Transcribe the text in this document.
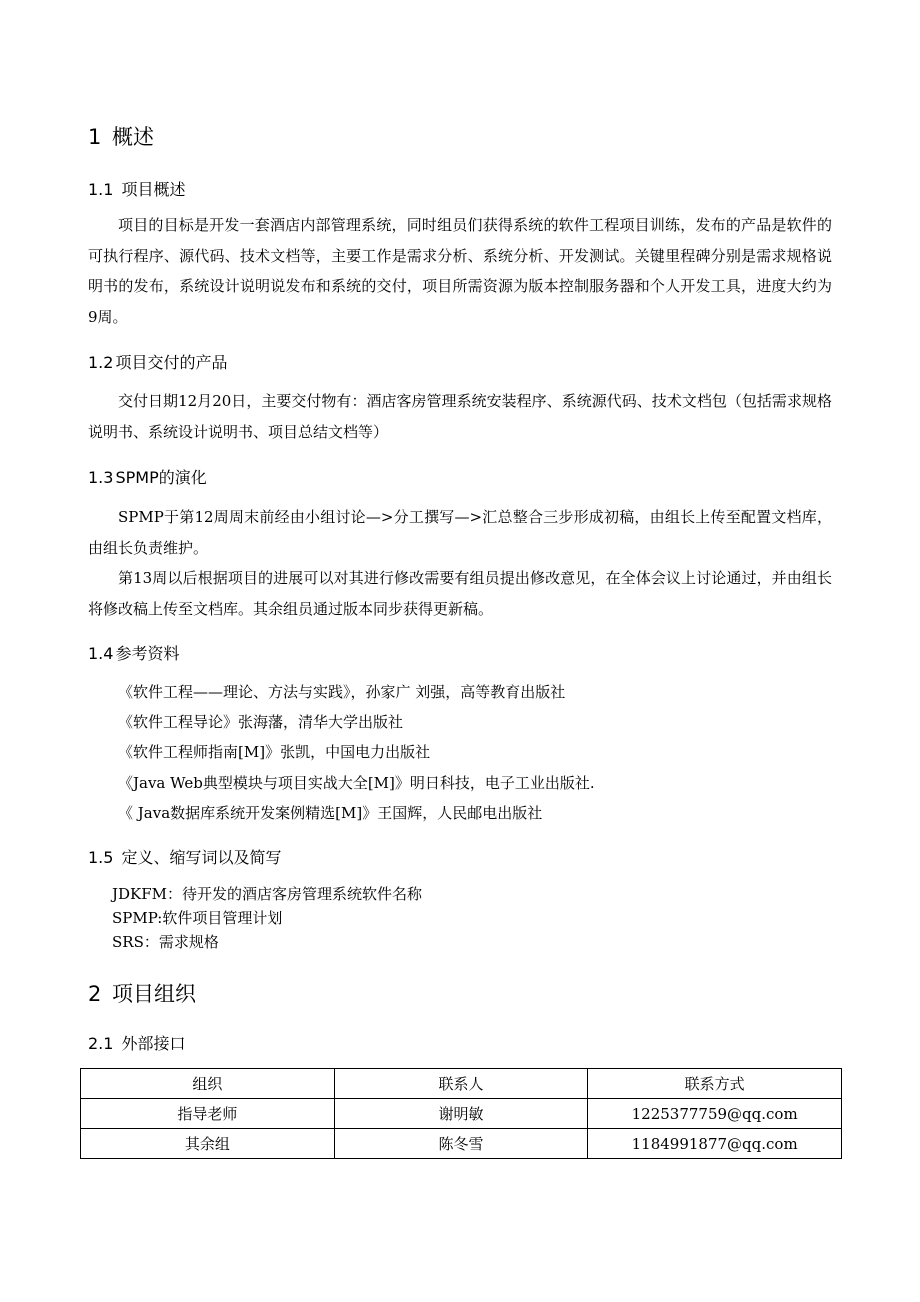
1 概述
1.1 项目概述

项目的目标是开发一套酒店内部管理系统，同时组员们获得系统的软件工程项目训练，发布的产品是软件的可执行程序、源代码、技术文档等，主要工作是需求分析、系统分析、开发测试。关键里程碑分别是需求规格说明书的发布，系统设计说明说发布和系统的交付，项目所需资源为版本控制服务器和个人开发工具，进度大约为9周。

1.2 项目交付的产品

交付日期12月20日，主要交付物有：酒店客房管理系统安装程序、系统源代码、技术文档包（包括需求规格说明书、系统设计说明书、项目总结文档等）

1.3 SPMP的演化

SPMP于第12周周末前经由小组讨论—>分工撰写—>汇总整合三步形成初稿，由组长上传至配置文档库，由组长负责维护。

第13周以后根据项目的进展可以对其进行修改需要有组员提出修改意见，在全体会议上讨论通过，并由组长将修改稿上传至文档库。其余组员通过版本同步获得更新稿。

1.4 参考资料
《软件工程——理论、方法与实践》，孙家广 刘强，高等教育出版社
《软件工程导论》张海藩，清华大学出版社
《软件工程师指南[M]》张凯，中国电力出版社
《Java Web典型模块与项目实战大全[M]》明日科技，电子工业出版社.
《 Java数据库系统开发案例精选[M]》王国辉，人民邮电出版社
1.5 定义、缩写词以及简写
JDKFM：待开发的酒店客房管理系统软件名称
SPMP:软件项目管理计划
SRS：需求规格
2 项目组织
2.1 外部接口
组织	联系人	联系方式
指导老师	谢明敏	1225377759@qq.com
其余组	陈冬雪	1184991877@qq.com
